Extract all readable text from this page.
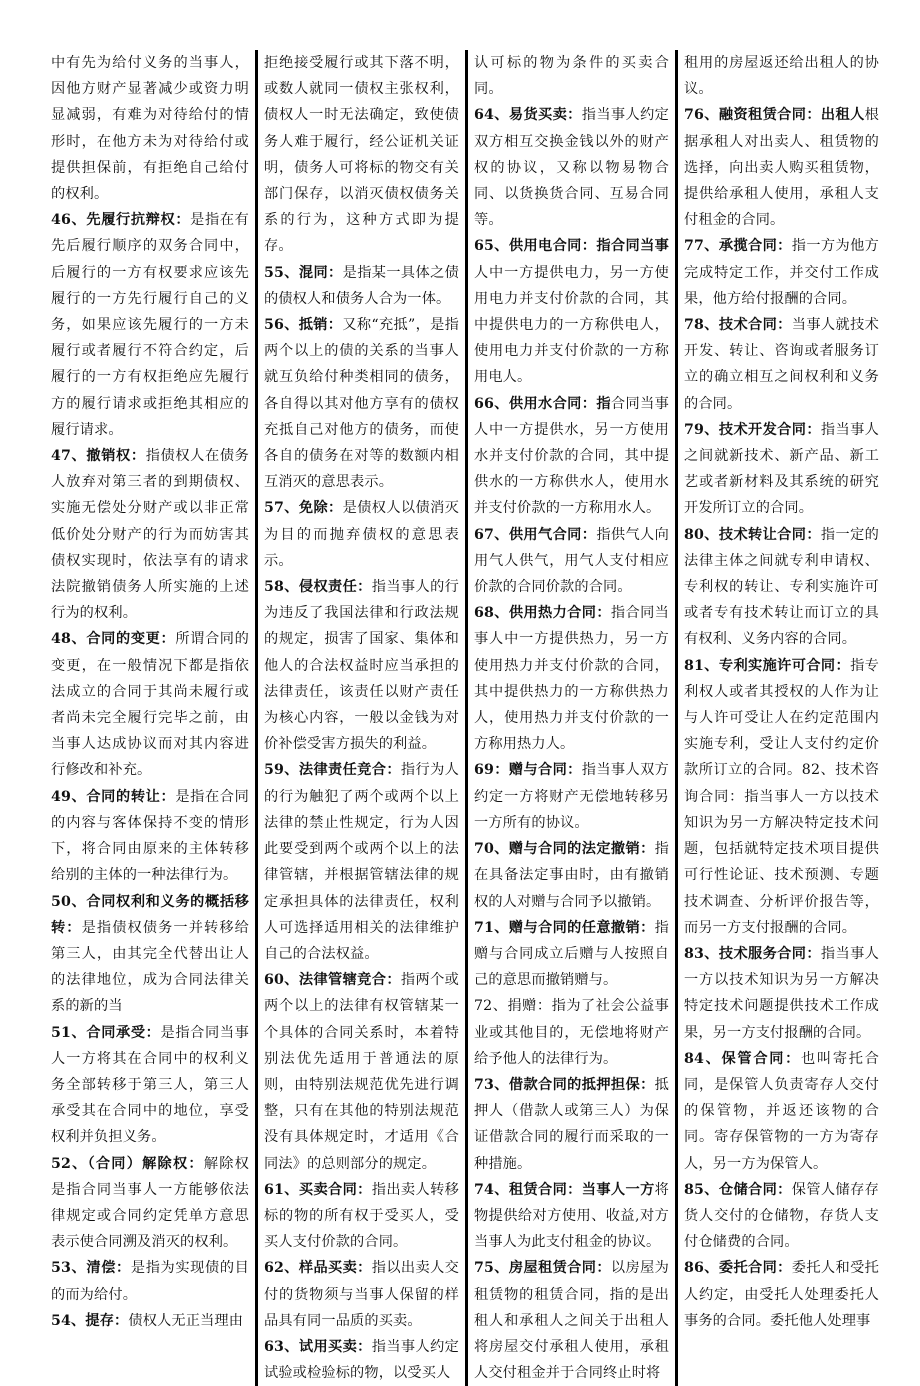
中有先为给付义务的当事人，因他方财产显著减少或资力明显减弱，有难为对待给付的情形时，在他方未为对待给付或提供担保前，有拒绝自己给付的权利。

46、先履行抗辩权：是指在有先后履行顺序的双务合同中，后履行的一方有权要求应该先履行的一方先行履行自己的义务，如果应该先履行的一方未履行或者履行不符合约定，后履行的一方有权拒绝应先履行方的履行请求或拒绝其相应的履行请求。

47、撤销权：指债权人在债务人放弃对第三者的到期债权、实施无偿处分财产或以非正常低价处分财产的行为而妨害其债权实现时，依法享有的请求法院撤销债务人所实施的上述行为的权利。

48、合同的变更：所谓合同的变更，在一般情况下都是指依法成立的合同于其尚未履行或者尚未完全履行完毕之前，由当事人达成协议而对其内容进行修改和补充。

49、合同的转让：是指在合同的内容与客体保持不变的情形下，将合同由原来的主体转移给别的主体的一种法律行为。

50、合同权利和义务的概括移转：是指债权债务一并转移给第三人，由其完全代替出让人的法律地位，成为合同法律关系的新的当

51、合同承受：是指合同当事人一方将其在合同中的权利义务全部转移于第三人，第三人承受其在合同中的地位，享受权利并负担义务。

52、（合同）解除权：解除权是指合同当事人一方能够依法律规定或合同约定凭单方意思表示使合同溯及消灭的权利。

53、清偿：是指为实现债的目的而为给付。

54、提存：债权人无正当理由

拒绝接受履行或其下落不明，或数人就同一债权主张权利，债权人一时无法确定，致使债务人难于履行，经公证机关证明，债务人可将标的物交有关部门保存，以消灭债权债务关系的行为，这种方式即为提存。

55、混同：是指某一具体之债的债权人和债务人合为一体。

56、抵销：又称“充抵”，是指两个以上的债的关系的当事人就互负给付种类相同的债务，各自得以其对他方享有的债权充抵自己对他方的债务，而使各自的债务在对等的数额内相互消灭的意思表示。

57、免除：是债权人以债消灭为目的而抛弃债权的意思表示。

58、侵权责任：指当事人的行为违反了我国法律和行政法规的规定，损害了国家、集体和他人的合法权益时应当承担的法律责任，该责任以财产责任为核心内容，一般以金钱为对价补偿受害方损失的利益。

59、法律责任竞合：指行为人的行为触犯了两个或两个以上法律的禁止性规定，行为人因此要受到两个或两个以上的法律管辖，并根据管辖法律的规定承担具体的法律责任，权利人可选择适用相关的法律维护自己的合法权益。

60、法律管辖竞合：指两个或两个以上的法律有权管辖某一个具体的合同关系时，本着特别法优先适用于普通法的原则，由特别法规范优先进行调整，只有在其他的特别法规范没有具体规定时，才适用《合同法》的总则部分的规定。

61、买卖合同：指出卖人转移标的物的所有权于受买人，受买人支付价款的合同。

62、样品买卖：指以出卖人交付的货物须与当事人保留的样品具有同一品质的买卖。

63、试用买卖：指当事人约定试验或检验标的物，以受买人

认可标的物为条件的买卖合同。

64、易货买卖：指当事人约定双方相互交换金钱以外的财产权的协议，又称以物易物合同、以货换货合同、互易合同等。

65、供用电合同：指合同当事人中一方提供电力，另一方使用电力并支付价款的合同，其中提供电力的一方称供电人，使用电力并支付价款的一方称用电人。

66、供用水合同：指合同当事人中一方提供水，另一方使用水并支付价款的合同，其中提供水的一方称供水人，使用水并支付价款的一方称用水人。

67、供用气合同：指供气人向用气人供气，用气人支付相应价款的合同价款的合同。

68、供用热力合同：指合同当事人中一方提供热力，另一方使用热力并支付价款的合同，其中提供热力的一方称供热力人，使用热力并支付价款的一方称用热力人。

69：赠与合同：指当事人双方约定一方将财产无偿地转移另一方所有的协议。

70、赠与合同的法定撤销：指在具备法定事由时，由有撤销权的人对赠与合同予以撤销。

71、赠与合同的任意撤销：指赠与合同成立后赠与人按照自己的意思而撤销赠与。

72、捐赠：指为了社会公益事业或其他目的，无偿地将财产给予他人的法律行为。

73、借款合同的抵押担保：抵押人（借款人或第三人）为保证借款合同的履行而采取的一种措施。

74、租赁合同：当事人一方将物提供给对方使用、收益,对方当事人为此支付租金的协议。

75、房屋租赁合同：以房屋为租赁物的租赁合同，指的是出租人和承租人之间关于出租人将房屋交付承租人使用，承租人交付租金并于合同终止时将

租用的房屋返还给出租人的协议。

76、融资租赁合同：出租人根据承租人对出卖人、租赁物的选择，向出卖人购买租赁物，提供给承租人使用，承租人支付租金的合同。

77、承揽合同：指一方为他方完成特定工作，并交付工作成果，他方给付报酬的合同。

78、技术合同：当事人就技术开发、转让、咨询或者服务订立的确立相互之间权利和义务的合同。

79、技术开发合同：指当事人之间就新技术、新产品、新工艺或者新材料及其系统的研究开发所订立的合同。

80、技术转让合同：指一定的法律主体之间就专利申请权、专利权的转让、专利实施许可或者专有技术转让而订立的具有权利、义务内容的合同。

81、专利实施许可合同：指专利权人或者其授权的人作为让与人许可受让人在约定范围内实施专利，受让人支付约定价款所订立的合同。82、技术咨询合同：指当事人一方以技术知识为另一方解决特定技术问题，包括就特定技术项目提供可行性论证、技术预测、专题技术调查、分析评价报告等，而另一方支付报酬的合同。

83、技术服务合同：指当事人一方以技术知识为另一方解决特定技术问题提供技术工作成果，另一方支付报酬的合同。

84、保管合同：也叫寄托合同，是保管人负责寄存人交付的保管物，并返还该物的合同。寄存保管物的一方为寄存人，另一方为保管人。

85、仓储合同：保管人储存存货人交付的仓储物，存货人支付仓储费的合同。

86、委托合同：委托人和受托人约定，由受托人处理委托人事务的合同。委托他人处理事
